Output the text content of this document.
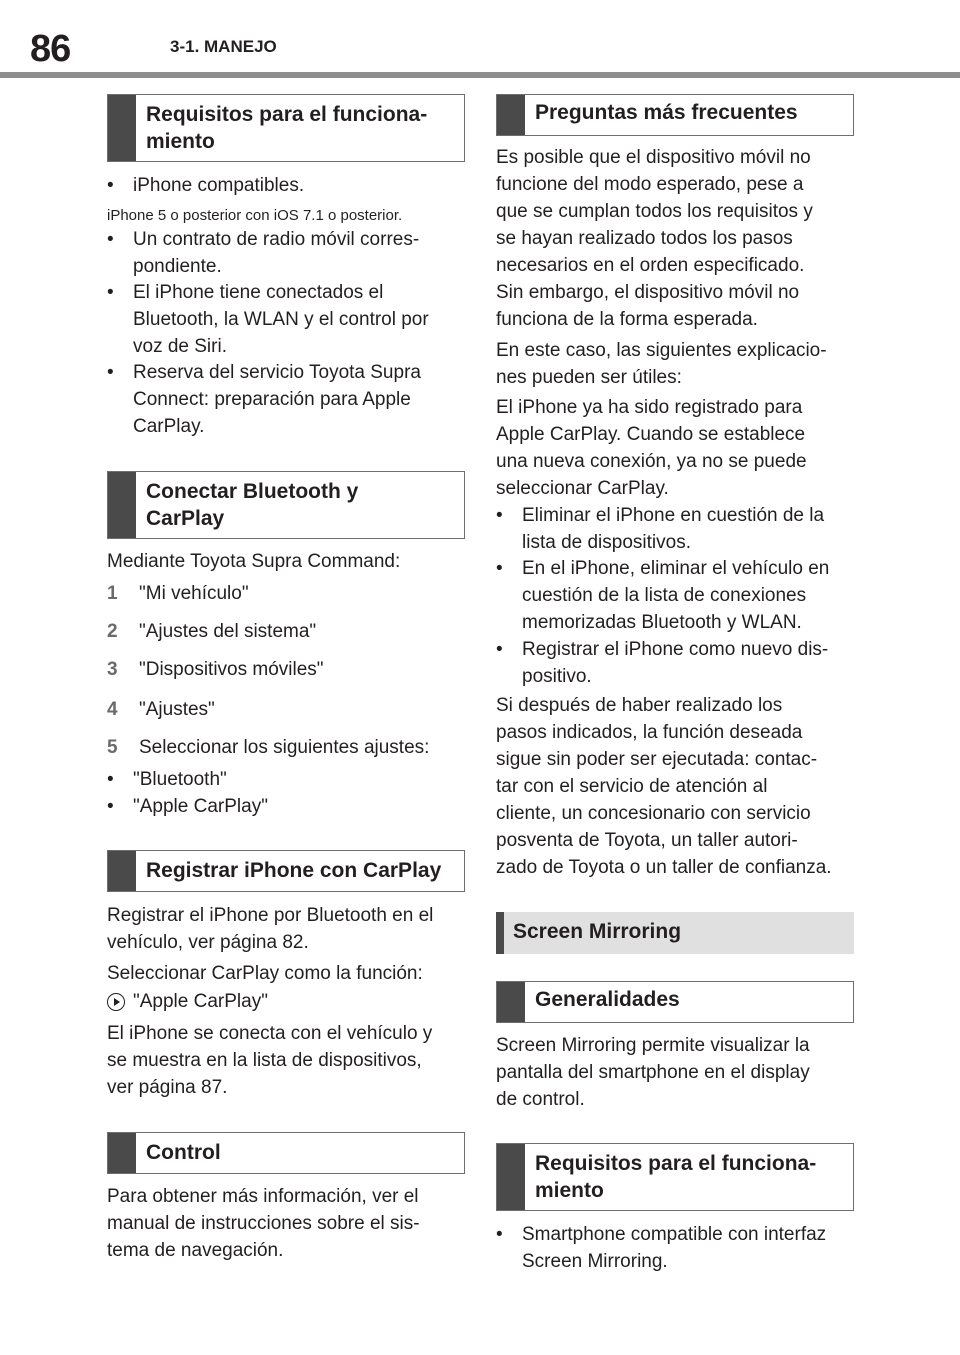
86	3-1. MANEJO
Requisitos para el funciona-
miento
•	iPhone compatibles.
iPhone 5 o posterior con iOS 7.1 o posterior.
•	Un contrato de radio móvil corres-
pondiente.
•	El iPhone tiene conectados el
Bluetooth, la WLAN y el control por
voz de Siri.
•	Reserva del servicio Toyota Supra
Connect: preparación para Apple
CarPlay.
Conectar Bluetooth y
CarPlay
Mediante Toyota Supra Command:
1 "Mi vehículo"
2 "Ajustes del sistema"
3 "Dispositivos móviles"
4 "Ajustes"
5 Seleccionar los siguientes ajustes:
•	"Bluetooth"
•	"Apple CarPlay"
Registrar iPhone con CarPlay
Registrar el iPhone por Bluetooth en el
vehículo, ver página 82.
Seleccionar CarPlay como la función:
"Apple CarPlay"
El iPhone se conecta con el vehículo y
se muestra en la lista de dispositivos,
ver página 87.
Control
Para obtener más información, ver el
manual de instrucciones sobre el sis-
tema de navegación.
Preguntas más frecuentes
Es posible que el dispositivo móvil no
funcione del modo esperado, pese a
que se cumplan todos los requisitos y
se hayan realizado todos los pasos
necesarios en el orden especificado.
Sin embargo, el dispositivo móvil no
funciona de la forma esperada.
En este caso, las siguientes explicacio-
nes pueden ser útiles:
El iPhone ya ha sido registrado para
Apple CarPlay. Cuando se establece
una nueva conexión, ya no se puede
seleccionar CarPlay.
•	Eliminar el iPhone en cuestión de la
lista de dispositivos.
•	En el iPhone, eliminar el vehículo en
cuestión de la lista de conexiones
memorizadas Bluetooth y WLAN.
•	Registrar el iPhone como nuevo dis-
positivo.
Si después de haber realizado los
pasos indicados, la función deseada
sigue sin poder ser ejecutada: contac-
tar con el servicio de atención al
cliente, un concesionario con servicio
posventa de Toyota, un taller autori-
zado de Toyota o un taller de confianza.
Screen Mirroring
Generalidades
Screen Mirroring permite visualizar la
pantalla del smartphone en el display
de control.
Requisitos para el funciona-
miento
•	Smartphone compatible con interfaz
Screen Mirroring.
